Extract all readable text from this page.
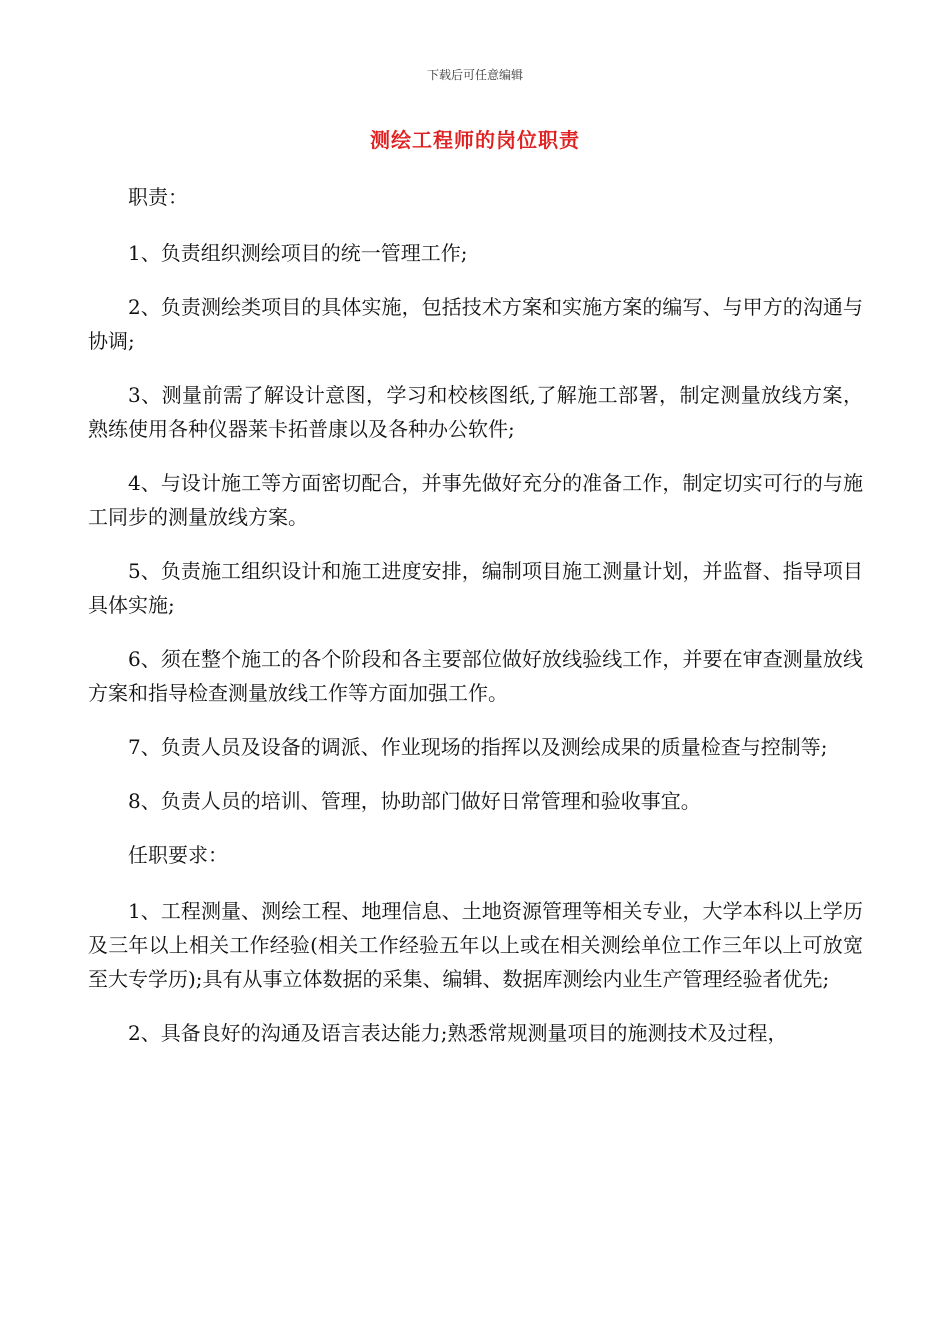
下载后可任意编辑
测绘工程师的岗位职责

职责：

1、负责组织测绘项目的统一管理工作;

2、负责测绘类项目的具体实施，包括技术方案和实施方案的编写、与甲方的沟通与协调;

3、测量前需了解设计意图，学习和校核图纸,了解施工部署，制定测量放线方案，熟练使用各种仪器莱卡拓普康以及各种办公软件;

4、与设计施工等方面密切配合，并事先做好充分的准备工作，制定切实可行的与施工同步的测量放线方案。

5、负责施工组织设计和施工进度安排，编制项目施工测量计划，并监督、指导项目具体实施;

6、须在整个施工的各个阶段和各主要部位做好放线验线工作，并要在审查测量放线方案和指导检查测量放线工作等方面加强工作。

7、负责人员及设备的调派、作业现场的指挥以及测绘成果的质量检查与控制等;

8、负责人员的培训、管理，协助部门做好日常管理和验收事宜。

任职要求：

1、工程测量、测绘工程、地理信息、土地资源管理等相关专业，大学本科以上学历及三年以上相关工作经验(相关工作经验五年以上或在相关测绘单位工作三年以上可放宽至大专学历);具有从事立体数据的采集、编辑、数据库测绘内业生产管理经验者优先;

2、具备良好的沟通及语言表达能力;熟悉常规测量项目的施测技术及过程，
